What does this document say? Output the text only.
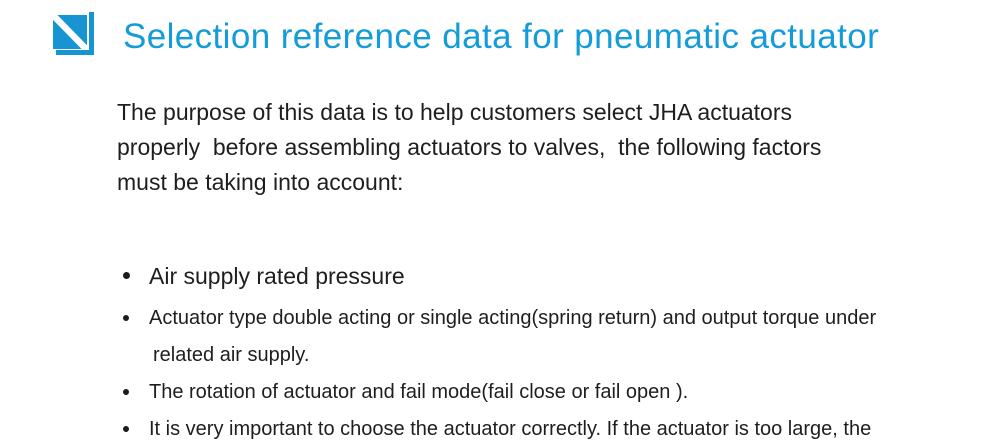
Selection reference data for pneumatic actuator
The purpose of this data is to help customers select JHA actuators
properly  before assembling actuators to valves,  the following factors
must be taking into account:
Air supply rated pressure
Actuator type double acting or single acting(spring return) and output torque under
related air supply.
The rotation of actuator and fail mode(fail close or fail open ).
It is very important to choose the actuator correctly. If the actuator is too large, the
